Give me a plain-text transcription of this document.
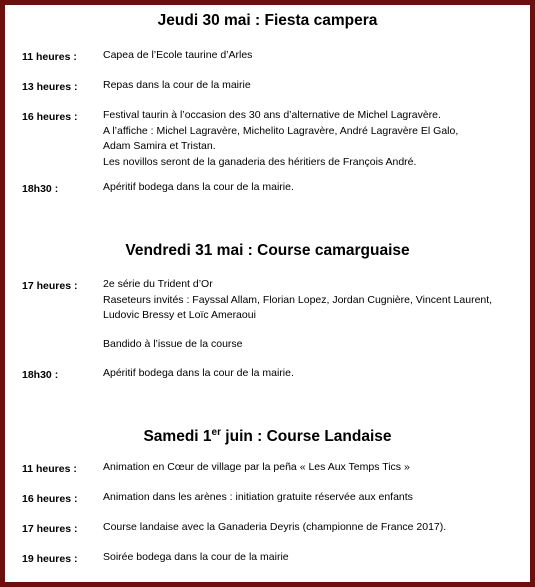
Jeudi 30 mai : Fiesta campera
11 heures : Capea de l’Ecole taurine d’Arles
13 heures : Repas dans la cour de la mairie
16 heures : Festival taurin à l’occasion des 30 ans d’alternative de Michel Lagravère.
A l’affiche : Michel Lagravère, Michelito Lagravère, André Lagravère El Galo,
Adam Samira et Tristan.
Les novillos seront de la ganaderia des héritiers de François André.
18h30 :	Apéritif bodega dans la cour de la mairie.
Vendredi 31 mai : Course camarguaise
17 heures : 2e série du Trident d’Or
Raseteurs invités : Fayssal Allam, Florian Lopez, Jordan Cugnière, Vincent Laurent,
Ludovic Bressy et Loïc Ameraoui
Bandido à l’issue de la course
18h30 :	Apéritif bodega dans la cour de la mairie.
Samedi 1er juin : Course Landaise
11 heures : Animation en Cœur de village par la peña « Les Aux Temps Tics »
16 heures : Animation dans les arènes : initiation gratuite réservée aux enfants
17 heures : Course landaise avec la Ganaderia Deyris (championne de France 2017).
19 heures : Soirée bodega dans la cour de la mairie
